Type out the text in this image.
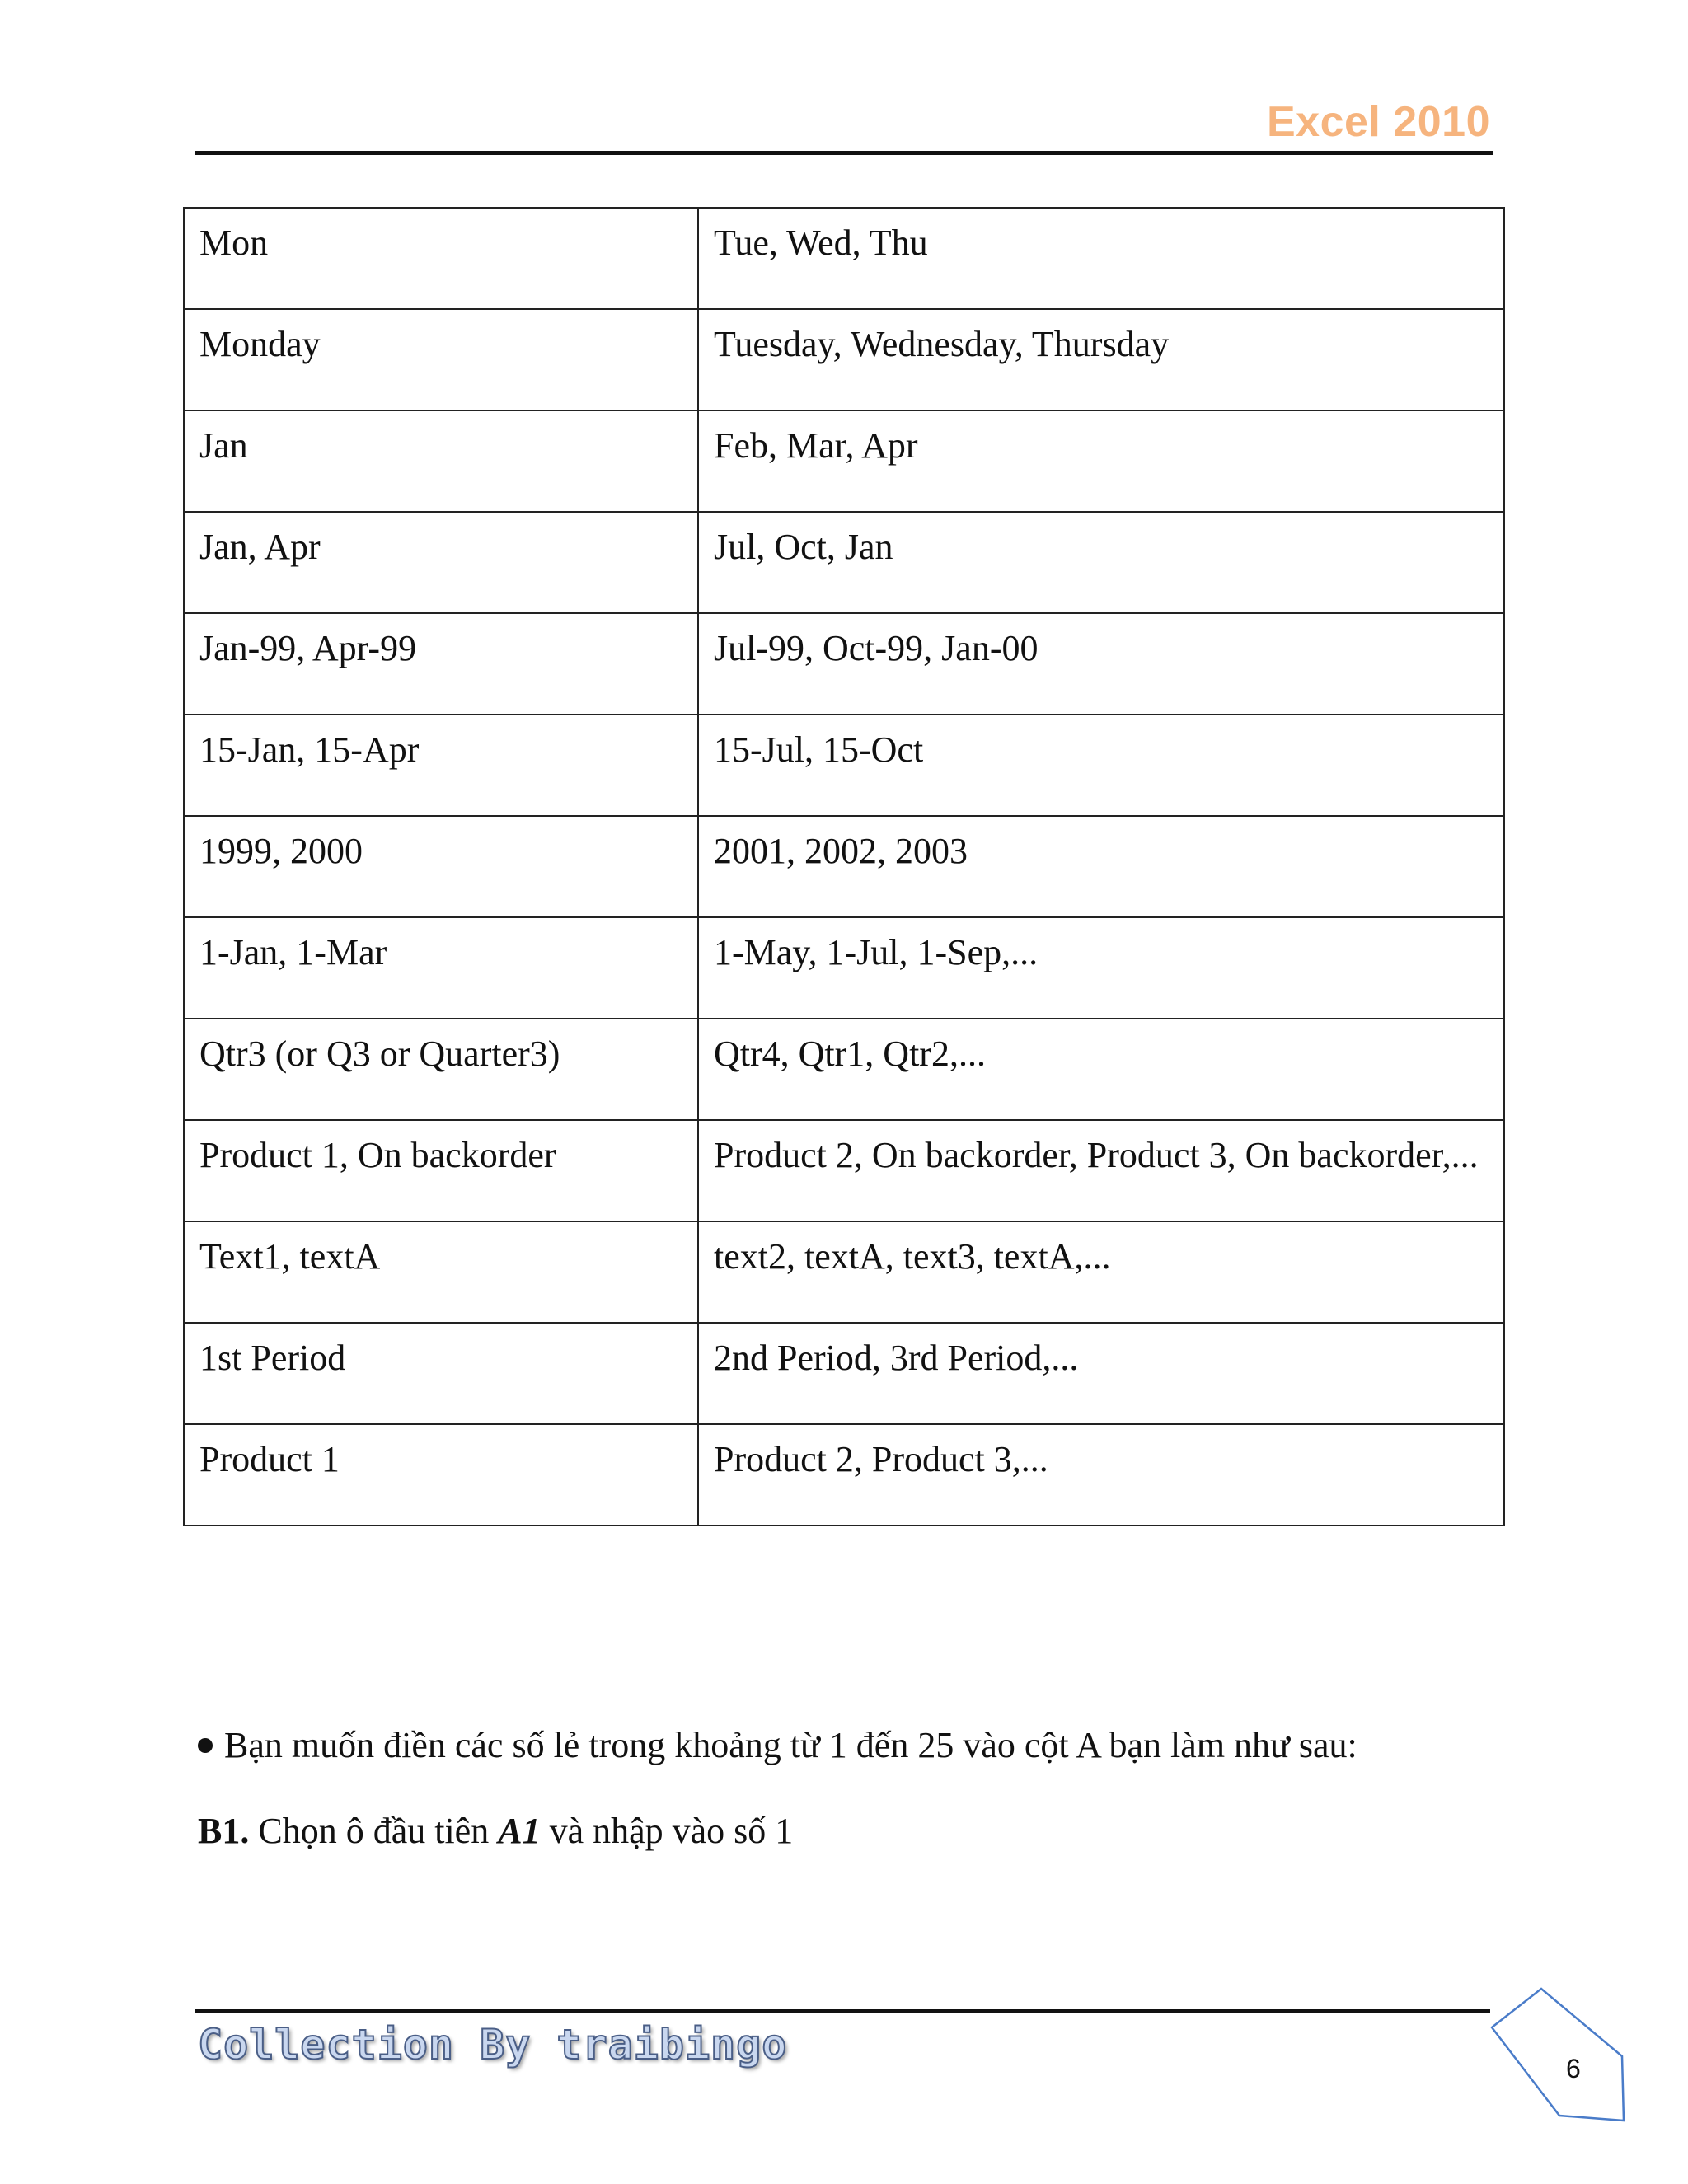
Excel 2010
Mon	Tue, Wed, Thu

Monday	Tuesday, Wednesday, Thursday

Jan	Feb, Mar, Apr

Jan, Apr	Jul, Oct, Jan

Jan-99, Apr-99	Jul-99, Oct-99, Jan-00

15-Jan, 15-Apr	15-Jul, 15-Oct

1999, 2000	2001, 2002, 2003

1-Jan, 1-Mar	1-May, 1-Jul, 1-Sep,...

Qtr3 (or Q3 or Quarter3)	Qtr4, Qtr1, Qtr2,...

Product 1, On backorder	Product 2, On backorder, Product 3, On backorder,...

Text1, textA	text2, textA, text3, textA,...

1st Period	2nd Period, 3rd Period,...

Product 1	Product 2, Product 3,...
Bạn muốn điền các số lẻ trong khoảng từ 1 đến 25 vào cột A bạn làm như sau:
B1. Chọn ô đầu tiên A1 và nhập vào số 1
Collection By traibingo	6
